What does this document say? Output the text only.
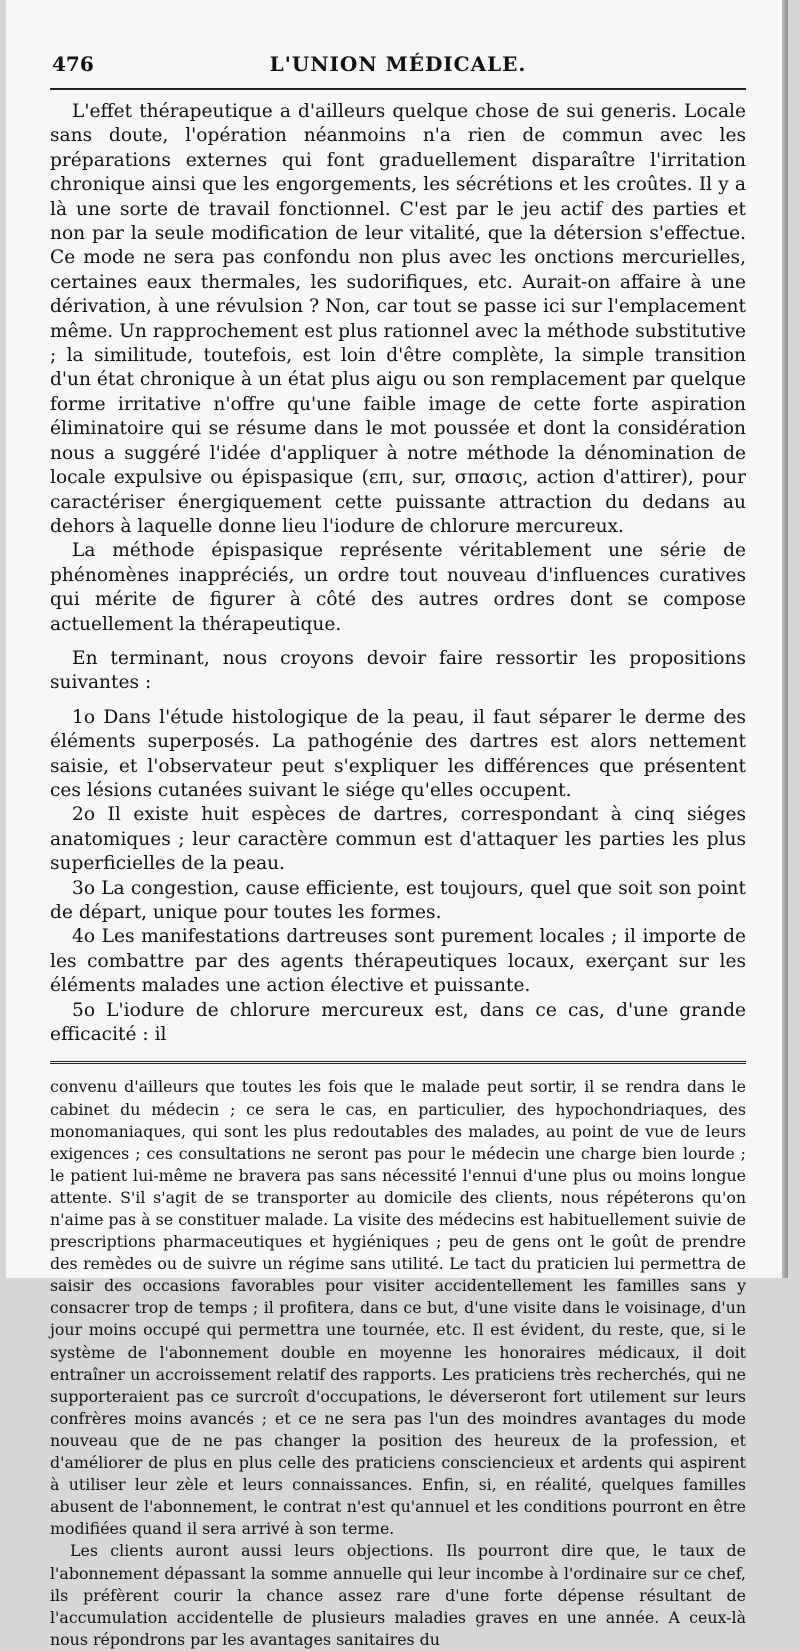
476	L'UNION MÉDICALE.

L'effet thérapeutique a d'ailleurs quelque chose de sui generis. Locale sans doute, l'opération néanmoins n'a rien de commun avec les préparations externes qui font graduellement disparaître l'irritation chronique ainsi que les engorgements, les sécrétions et les croûtes. Il y a là une sorte de travail fonctionnel. C'est par le jeu actif des parties et non par la seule modification de leur vitalité, que la détersion s'effectue. Ce mode ne sera pas confondu non plus avec les onctions mercurielles, certaines eaux thermales, les sudorifiques, etc. Aurait-on affaire à une dérivation, à une révulsion ? Non, car tout se passe ici sur l'emplacement même. Un rapprochement est plus rationnel avec la méthode substitutive ; la similitude, toutefois, est loin d'être complète, la simple transition d'un état chronique à un état plus aigu ou son remplacement par quelque forme irritative n'offre qu'une faible image de cette forte aspiration éliminatoire qui se résume dans le mot poussée et dont la considération nous a suggéré l'idée d'appliquer à notre méthode la dénomination de locale expulsive ou épispasique (επι, sur, σπασις, action d'attirer), pour caractériser énergiquement cette puissante attraction du dedans au dehors à laquelle donne lieu l'iodure de chlorure mercureux.

La méthode épispasique représente véritablement une série de phénomènes inappréciés, un ordre tout nouveau d'influences curatives qui mérite de figurer à côté des autres ordres dont se compose actuellement la thérapeutique.

En terminant, nous croyons devoir faire ressortir les propositions suivantes :

1o Dans l'étude histologique de la peau, il faut séparer le derme des éléments superposés. La pathogénie des dartres est alors nettement saisie, et l'observateur peut s'expliquer les différences que présentent ces lésions cutanées suivant le siége qu'elles occupent.

2o Il existe huit espèces de dartres, correspondant à cinq siéges anatomiques ; leur caractère commun est d'attaquer les parties les plus superficielles de la peau.

3o La congestion, cause efficiente, est toujours, quel que soit son point de départ, unique pour toutes les formes.

4o Les manifestations dartreuses sont purement locales ; il importe de les combattre par des agents thérapeutiques locaux, exerçant sur les éléments malades une action élective et puissante.

5o L'iodure de chlorure mercureux est, dans ce cas, d'une grande efficacité : il

convenu d'ailleurs que toutes les fois que le malade peut sortir, il se rendra dans le cabinet du médecin ; ce sera le cas, en particulier, des hypochondriaques, des monomaniaques, qui sont les plus redoutables des malades, au point de vue de leurs exigences ; ces consultations ne seront pas pour le médecin une charge bien lourde ; le patient lui-même ne bravera pas sans nécessité l'ennui d'une plus ou moins longue attente. S'il s'agit de se transporter au domicile des clients, nous répéterons qu'on n'aime pas à se constituer malade. La visite des médecins est habituellement suivie de prescriptions pharmaceutiques et hygiéniques ; peu de gens ont le goût de prendre des remèdes ou de suivre un régime sans utilité. Le tact du praticien lui permettra de saisir des occasions favorables pour visiter accidentellement les familles sans y consacrer trop de temps ; il profitera, dans ce but, d'une visite dans le voisinage, d'un jour moins occupé qui permettra une tournée, etc. Il est évident, du reste, que, si le système de l'abonnement double en moyenne les honoraires médicaux, il doit entraîner un accroissement relatif des rapports. Les praticiens très recherchés, qui ne supporteraient pas ce surcroît d'occupations, le déverseront fort utilement sur leurs confrères moins avancés ; et ce ne sera pas l'un des moindres avantages du mode nouveau que de ne pas changer la position des heureux de la profession, et d'améliorer de plus en plus celle des praticiens consciencieux et ardents qui aspirent à utiliser leur zèle et leurs connaissances. Enfin, si, en réalité, quelques familles abusent de l'abonnement, le contrat n'est qu'annuel et les conditions pourront en être modifiées quand il sera arrivé à son terme.

Les clients auront aussi leurs objections. Ils pourront dire que, le taux de l'abonnement dépassant la somme annuelle qui leur incombe à l'ordinaire sur ce chef, ils préfèrent courir la chance assez rare d'une forte dépense résultant de l'accumulation accidentelle de plusieurs maladies graves en une année. A ceux-là nous répondrons par les avantages sanitaires du
